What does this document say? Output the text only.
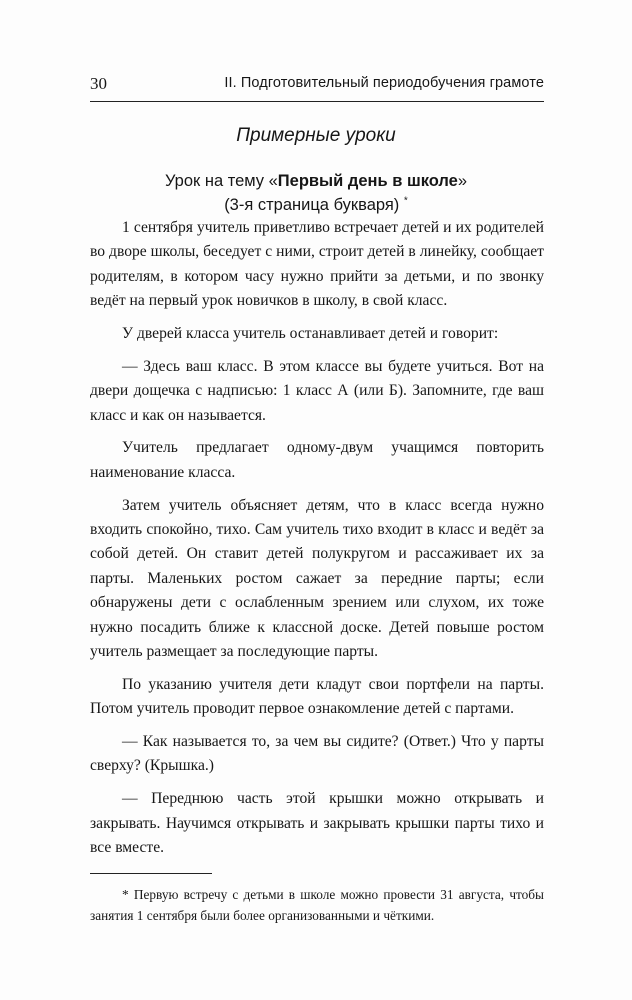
30	II. Подготовительный периодобучения грамоте
Примерные уроки
Урок на тему «Первый день в школе»
(3-я страница букваря) *

1 сентября учитель приветливо встречает детей и их родителей во дворе школы, беседует с ними, строит детей в линейку, сообщает родителям, в котором часу нужно прийти за детьми, и по звонку ведёт на первый урок новичков в школу, в свой класс.

У дверей класса учитель останавливает детей и говорит:

— Здесь ваш класс. В этом классе вы будете учиться. Вот на двери дощечка с надписью: 1 класс А (или Б). Запомните, где ваш класс и как он называется.

Учитель предлагает одному-двум учащимся повторить наименование класса.

Затем учитель объясняет детям, что в класс всегда нужно входить спокойно, тихо. Сам учитель тихо входит в класс и ведёт за собой детей. Он ставит детей полукругом и рассаживает их за парты. Маленьких ростом сажает за передние парты; если обнаружены дети с ослабленным зрением или слухом, их тоже нужно посадить ближе к классной доске. Детей повыше ростом учитель размещает за последующие парты.

По указанию учителя дети кладут свои портфели на парты. Потом учитель проводит первое ознакомление детей с партами.

— Как называется то, за чем вы сидите? (Ответ.) Что у парты сверху? (Крышка.)

— Переднюю часть этой крышки можно открывать и закрывать. Научимся открывать и закрывать крышки парты тихо и все вместе.

* Первую встречу с детьми в школе можно провести 31 августа, чтобы занятия 1 сентября были более организованными и чёткими.
